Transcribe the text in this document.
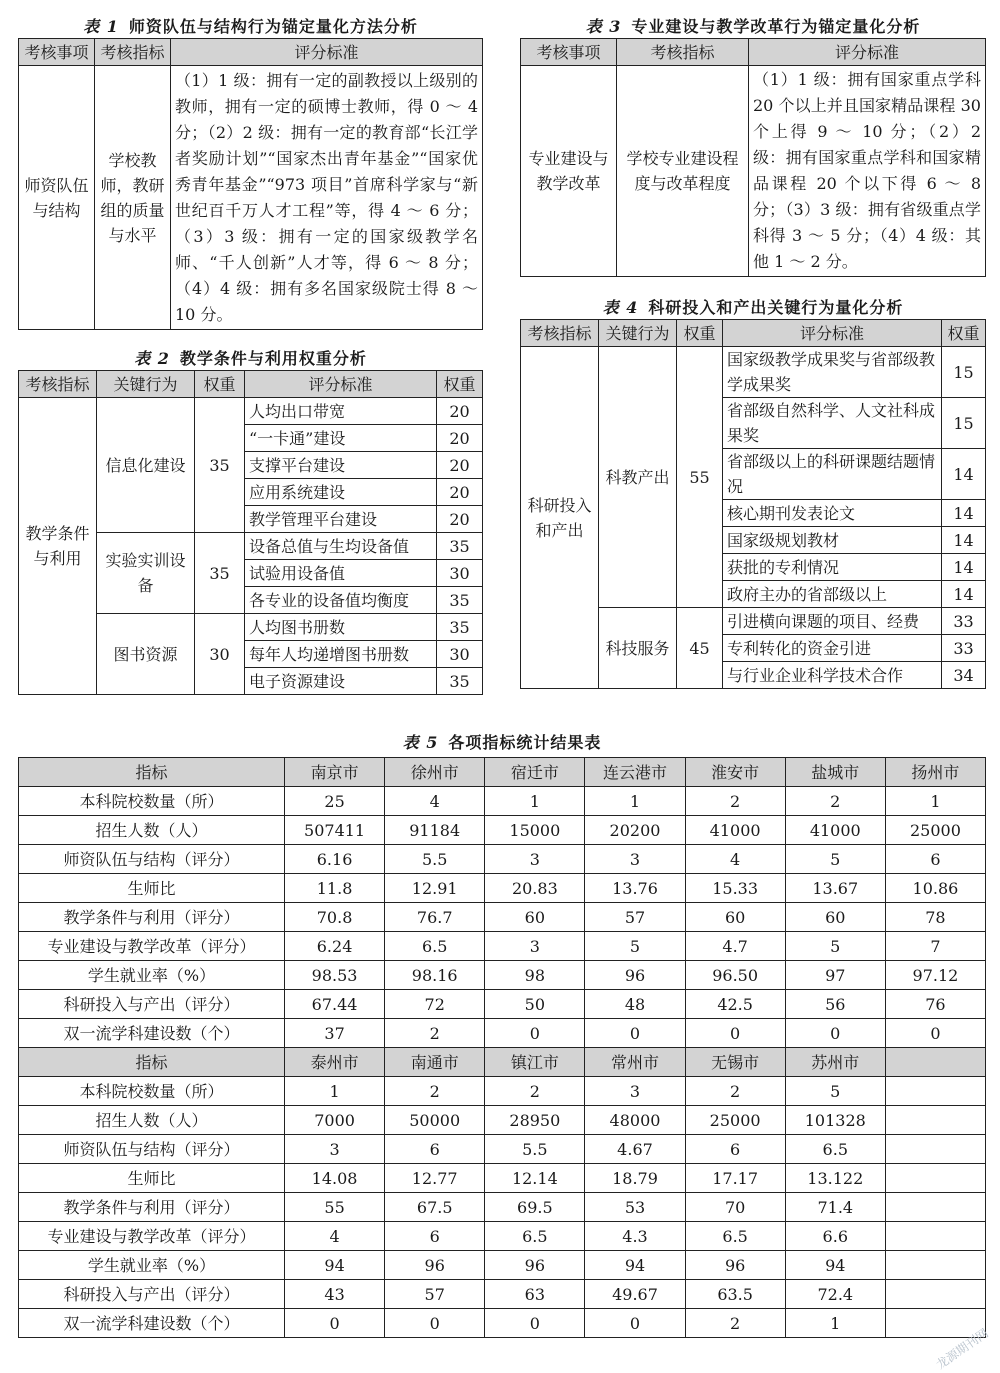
表 1 师资队伍与结构行为锚定量化方法分析
考核事项	考核指标	评分标准
师资队伍与结构	学校教师，教研组的质量与水平	（1）1 级：拥有一定的副教授以上级别的教师，拥有一定的硕博士教师，得 0 ～ 4 分；（2）2 级：拥有一定的教育部“长江学者奖励计划”“国家杰出青年基金”“国家优秀青年基金”“973 项目”首席科学家与“新世纪百千万人才工程”等，得 4 ～ 6 分；（3）3 级：拥有一定的国家级教学名师、“千人创新”人才等，得 6 ～ 8 分；（4）4 级：拥有多名国家级院士得 8 ～ 10 分。
表 2 教学条件与利用权重分析
考核指标	关键行为	权重	评分标准	权重
教学条件与利用	信息化建设	35	人均出口带宽	20
			“一卡通”建设	20
			支撑平台建设	20
			应用系统建设	20
			教学管理平台建设	20
	实验实训设备	35	设备总值与生均设备值	35
			试验用设备值	30
			各专业的设备值均衡度	35
	图书资源	30	人均图书册数	35
			每年人均递增图书册数	30
			电子资源建设	35
表 3 专业建设与教学改革行为锚定量化分析
考核事项	考核指标	评分标准
专业建设与教学改革	学校专业建设程度与改革程度	（1）1 级：拥有国家重点学科 20 个以上并且国家精品课程 30 个上得 9 ～ 10 分；（2）2 级：拥有国家重点学科和国家精品课程 20 个以下得 6 ～ 8 分；（3）3 级：拥有省级重点学科得 3 ～ 5 分；（4）4 级：其他 1 ～ 2 分。
表 4 科研投入和产出关键行为量化分析
考核指标	关键行为	权重	评分标准	权重
科研投入和产出	科教产出	55	国家级教学成果奖与省部级教学成果奖	15
			省部级自然科学、人文社科成果奖	15
			省部级以上的科研课题结题情况	14
			核心期刊发表论文	14
			国家级规划教材	14
			获批的专利情况	14
			政府主办的省部级以上	14
	科技服务	45	引进横向课题的项目、经费	33
			专利转化的资金引进	33
			与行业企业科学技术合作	34
表 5 各项指标统计结果表
指标	南京市	徐州市	宿迁市	连云港市	淮安市	盐城市	扬州市
本科院校数量（所）	25	4	1	1	2	2	1
招生人数（人）	507411	91184	15000	20200	41000	41000	25000
师资队伍与结构（评分）	6.16	5.5	3	3	4	5	6
生师比	11.8	12.91	20.83	13.76	15.33	13.67	10.86
教学条件与利用（评分）	70.8	76.7	60	57	60	60	78
专业建设与教学改革（评分）	6.24	6.5	3	5	4.7	5	7
学生就业率（%）	98.53	98.16	98	96	96.50	97	97.12
科研投入与产出（评分）	67.44	72	50	48	42.5	56	76
双一流学科建设数（个）	37	2	0	0	0	0	0
指标	泰州市	南通市	镇江市	常州市	无锡市	苏州市	
本科院校数量（所）	1	2	2	3	2	5	
招生人数（人）	7000	50000	28950	48000	25000	101328	
师资队伍与结构（评分）	3	6	5.5	4.67	6	6.5	
生师比	14.08	12.77	12.14	18.79	17.17	13.122	
教学条件与利用（评分）	55	67.5	69.5	53	70	71.4	
专业建设与教学改革（评分）	4	6	6.5	4.3	6.5	6.6	
学生就业率（%）	94	96	96	94	96	94	
科研投入与产出（评分）	43	57	63	49.67	63.5	72.4	
双一流学科建设数（个）	0	0	0	0	2	1	
龙源期刊网
